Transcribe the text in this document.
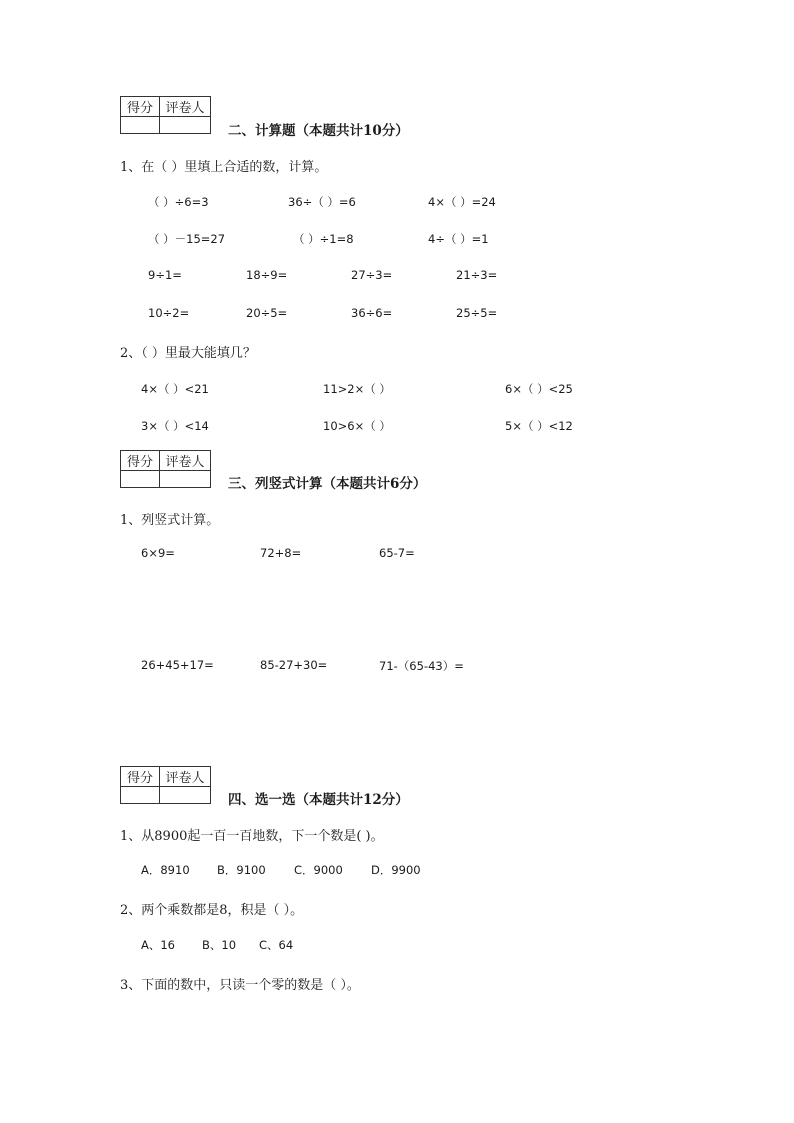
得分	评卷人

二、计算题（本题共计10分）
1、在（ ）里填上合适的数，计算。
（ ）÷6=3	36÷（ ）=6	4×（ ）=24
（ ）－15=27	（ ）÷1=8	4÷（ ）=1
9÷1=	18÷9=	27÷3=	21÷3=
10÷2=	20÷5=	36÷6=	25÷5=
2、（ ）里最大能填几？
4×（ ）<21	11>2×（ ）	6×（ ）<25
3×（ ）<14	10>6×（ ）	5×（ ）<12
得分	评卷人

三、列竖式计算（本题共计6分）
1、列竖式计算。
6×9=	72+8=	65-7=
26+45+17=	85-27+30=	71-（65-43）=
得分	评卷人

四、选一选（本题共计12分）
1、从8900起一百一百地数，下一个数是( )。
A．8910 B．9100 C．9000 D．9900
2、两个乘数都是8，积是（ ）。
A、16 B、10 C、64
3、下面的数中，只读一个零的数是（ ）。
